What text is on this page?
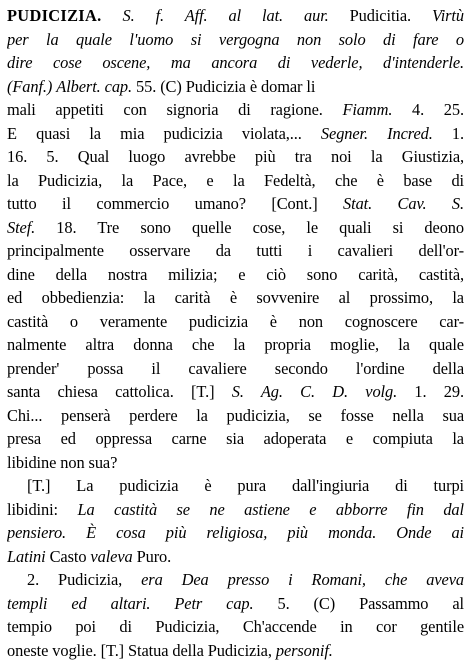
PUDICIZIA. S. f. Aff. al lat. aur. Pudicitia. Virtù
per la quale l'uomo si vergogna non solo di fare o
dire cose oscene, ma ancora di vederle, d'intenderle.
(Fanf.) Albert. cap. 55. (C) Pudicizia è domar li
mali appetiti con signoria di ragione. Fiamm. 4. 25.
E quasi la mia pudicizia violata,... Segner. Incred. 1.
16. 5. Qual luogo avrebbe più tra noi la Giustizia,
la Pudicizia, la Pace, e la Fedeltà, che è base di
tutto il commercio umano? [Cont.] Stat. Cav. S.
Stef. 18. Tre sono quelle cose, le quali si deono
principalmente osservare da tutti i cavalieri dell'or-
dine della nostra milizia; e ciò sono carità, castità,
ed obbedienzia: la carità è sovvenire al prossimo, la
castità o veramente pudicizia è non cognoscere car-
nalmente altra donna che la propria moglie, la quale
prender' possa il cavaliere secondo l'ordine della
santa chiesa cattolica. [T.] S. Ag. C. D. volg. 1. 29.
Chi... penserà perdere la pudicizia, se fosse nella sua
presa ed oppressa carne sia adoperata e compiuta la
libidine non sua?
[T.] La pudicizia è pura dall'ingiuria di turpi
libidini: La castità se ne astiene e abborre fin dal
pensiero. È cosa più religiosa, più monda. Onde ai
Latini Casto valeva Puro.
2. Pudicizia, era Dea presso i Romani, che aveva
templi ed altari. Petr cap. 5. (C) Passammo al
tempio poi di Pudicizia, Ch'accende in cor gentile
oneste voglie. [T.] Statua della Pudicizia, personif.
